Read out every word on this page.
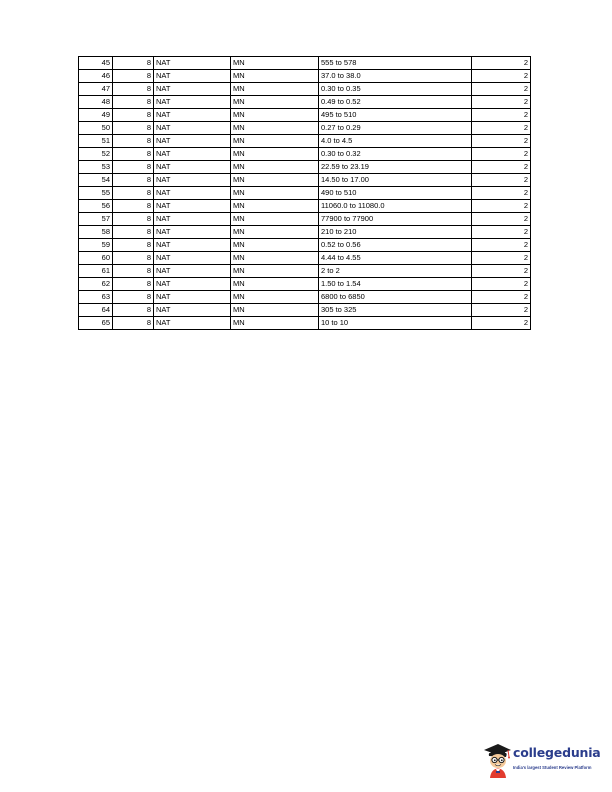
45	8	NAT	MN	555 to 578	2
46	8	NAT	MN	37.0 to 38.0	2
47	8	NAT	MN	0.30 to 0.35	2
48	8	NAT	MN	0.49 to 0.52	2
49	8	NAT	MN	495 to 510	2
50	8	NAT	MN	0.27 to 0.29	2
51	8	NAT	MN	4.0 to 4.5	2
52	8	NAT	MN	0.30 to 0.32	2
53	8	NAT	MN	22.59 to 23.19	2
54	8	NAT	MN	14.50 to 17.00	2
55	8	NAT	MN	490 to 510	2
56	8	NAT	MN	11060.0 to 11080.0	2
57	8	NAT	MN	77900 to 77900	2
58	8	NAT	MN	210 to 210	2
59	8	NAT	MN	0.52 to 0.56	2
60	8	NAT	MN	4.44 to 4.55	2
61	8	NAT	MN	2 to 2	2
62	8	NAT	MN	1.50 to 1.54	2
63	8	NAT	MN	6800 to 6850	2
64	8	NAT	MN	305 to 325	2
65	8	NAT	MN	10 to 10	2
collegedunia
India's largest Student Review Platform
